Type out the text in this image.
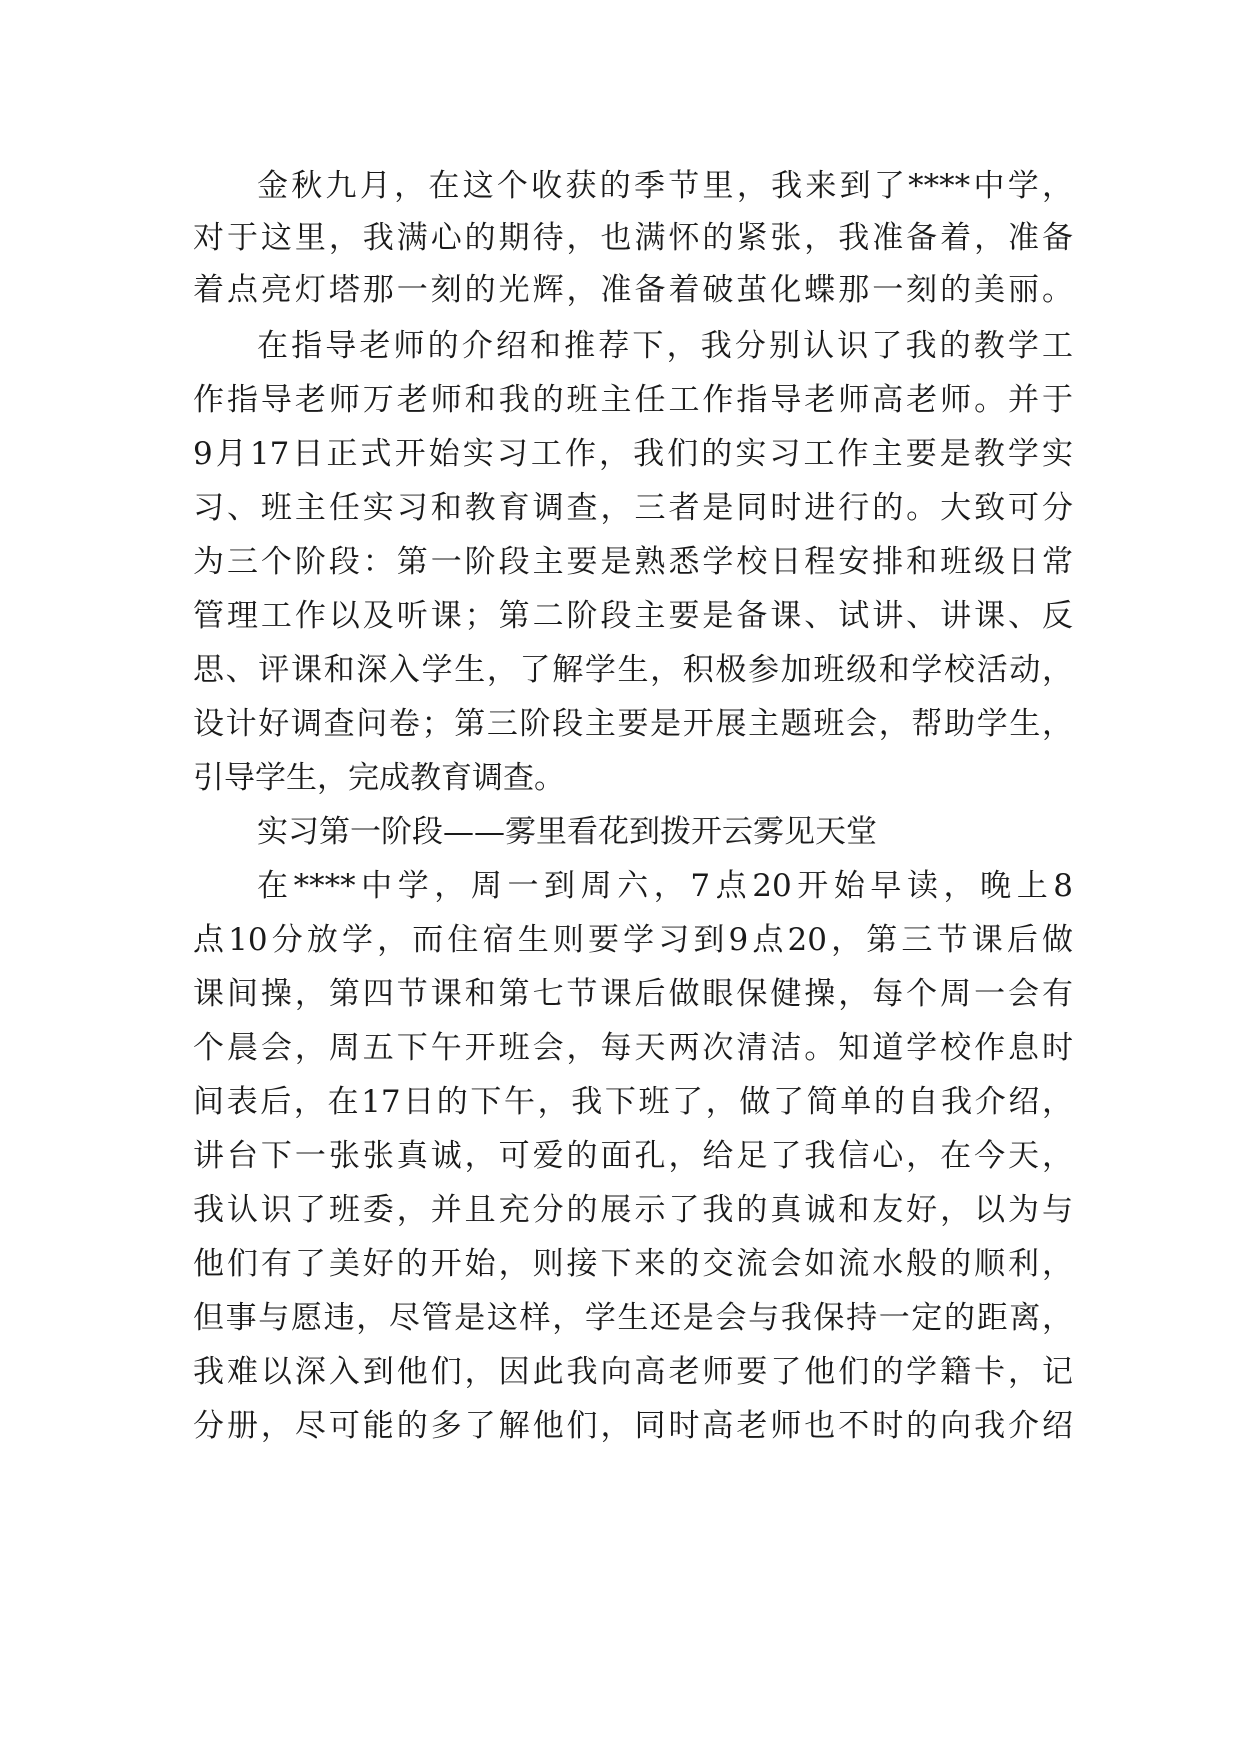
金秋九月，在这个收获的季节里，我来到了****中学，
对于这里，我满心的期待，也满怀的紧张，我准备着，准备
着点亮灯塔那一刻的光辉，准备着破茧化蝶那一刻的美丽。
在指导老师的介绍和推荐下，我分别认识了我的教学工
作指导老师万老师和我的班主任工作指导老师高老师。并于
9月17日正式开始实习工作，我们的实习工作主要是教学实
习、班主任实习和教育调查，三者是同时进行的。大致可分
为三个阶段：第一阶段主要是熟悉学校日程安排和班级日常
管理工作以及听课；第二阶段主要是备课、试讲、讲课、反
思、评课和深入学生，了解学生，积极参加班级和学校活动，
设计好调查问卷；第三阶段主要是开展主题班会，帮助学生，
引导学生，完成教育调查。
实习第一阶段——雾里看花到拨开云雾见天堂
在****中学，周一到周六，7点20开始早读，晚上8
点10分放学，而住宿生则要学习到9点20，第三节课后做
课间操，第四节课和第七节课后做眼保健操，每个周一会有
个晨会，周五下午开班会，每天两次清洁。知道学校作息时
间表后，在17日的下午，我下班了，做了简单的自我介绍，
讲台下一张张真诚，可爱的面孔，给足了我信心，在今天，
我认识了班委，并且充分的展示了我的真诚和友好，以为与
他们有了美好的开始，则接下来的交流会如流水般的顺利，
但事与愿违，尽管是这样，学生还是会与我保持一定的距离，
我难以深入到他们，因此我向高老师要了他们的学籍卡，记
分册，尽可能的多了解他们，同时高老师也不时的向我介绍
